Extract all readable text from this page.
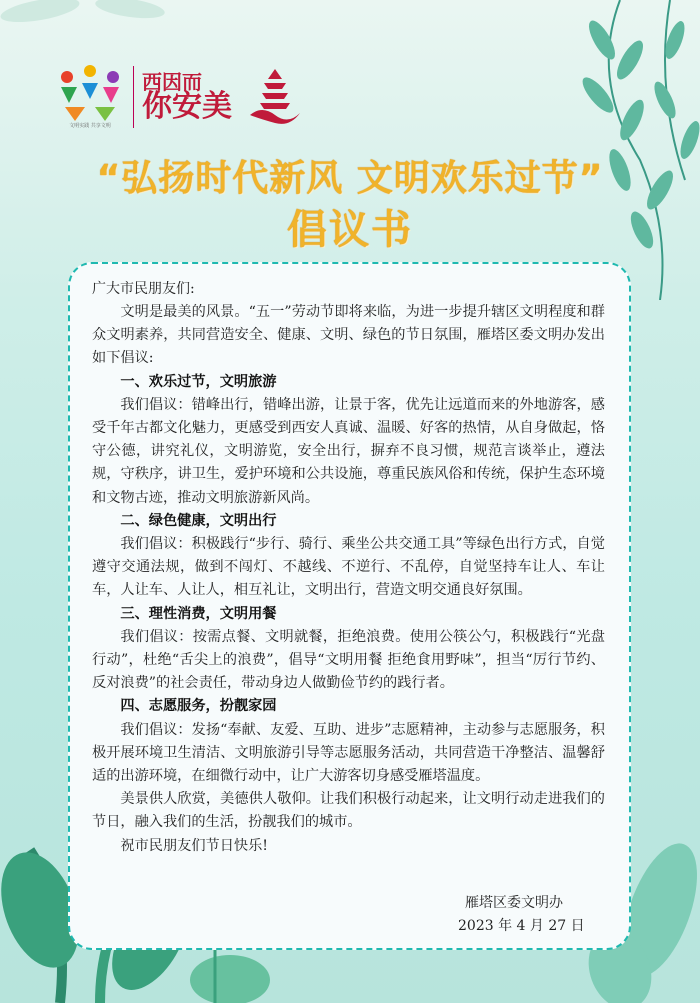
文明实践 共享文明
西因而
你安美
“弘扬时代新风 文明欢乐过节”
倡议书
广大市民朋友们:

文明是最美的风景。“五一”劳动节即将来临，为进一步提升辖区文明程度和群众文明素养，共同营造安全、健康、文明、绿色的节日氛围，雁塔区委文明办发出如下倡议:

一、欢乐过节，文明旅游

我们倡议：错峰出行，错峰出游，让景于客，优先让远道而来的外地游客，感受千年古都文化魅力，更感受到西安人真诚、温暖、好客的热情，从自身做起，恪守公德，讲究礼仪，文明游览，安全出行，摒弃不良习惯，规范言谈举止，遵法规，守秩序，讲卫生，爱护环境和公共设施，尊重民族风俗和传统，保护生态环境和文物古迹，推动文明旅游新风尚。

二、绿色健康，文明出行

我们倡议：积极践行“步行、骑行、乘坐公共交通工具”等绿色出行方式，自觉遵守交通法规，做到不闯灯、不越线、不逆行、不乱停，自觉坚持车让人、车让车，人让车、人让人，相互礼让，文明出行，营造文明交通良好氛围。

三、理性消费，文明用餐

我们倡议：按需点餐、文明就餐，拒绝浪费。使用公筷公勺，积极践行“光盘行动”，杜绝“舌尖上的浪费”，倡导“文明用餐 拒绝食用野味”，担当“厉行节约、反对浪费”的社会责任，带动身边人做勤俭节约的践行者。

四、志愿服务，扮靓家园

我们倡议：发扬“奉献、友爱、互助、进步”志愿精神，主动参与志愿服务，积极开展环境卫生清洁、文明旅游引导等志愿服务活动，共同营造干净整洁、温馨舒适的出游环境，在细微行动中，让广大游客切身感受雁塔温度。

美景供人欣赏，美德供人敬仰。让我们积极行动起来，让文明行动走进我们的节日，融入我们的生活，扮靓我们的城市。

祝市民朋友们节日快乐!

雁塔区委文明办
2023 年 4 月 27 日
